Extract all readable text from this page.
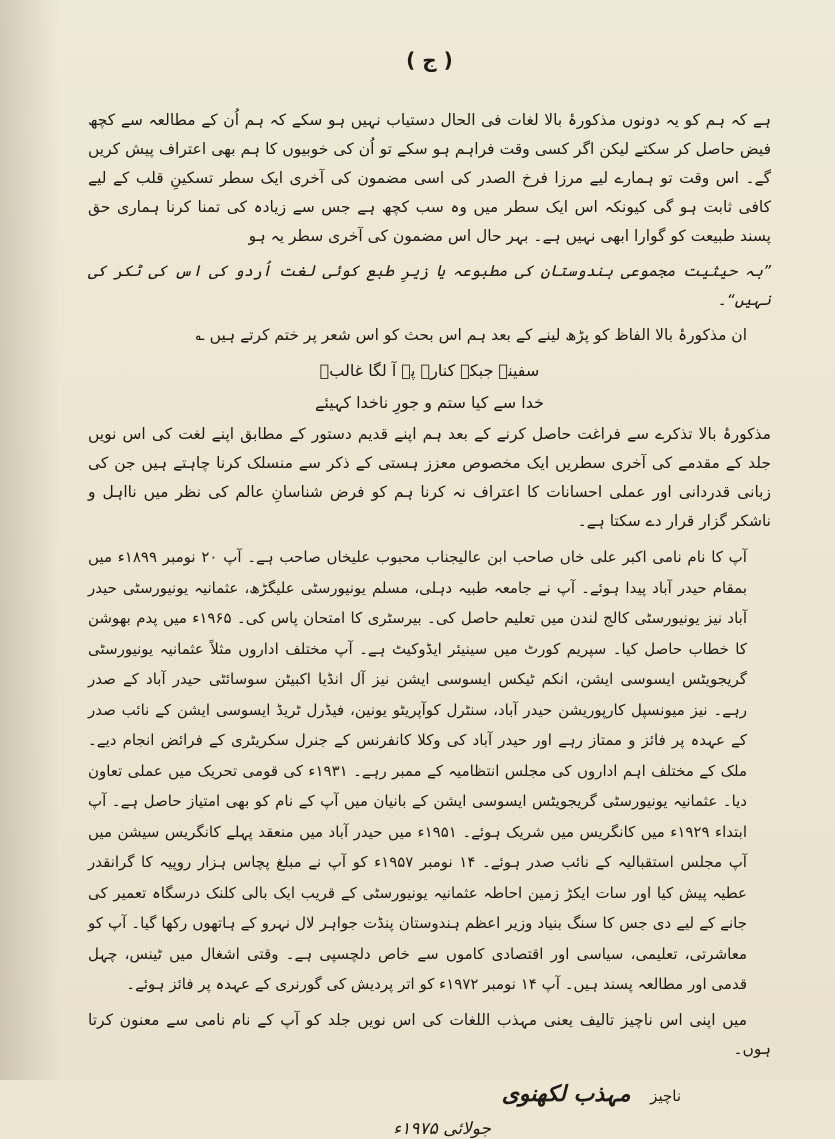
( ج )

ہے کہ ہم کو یہ دونوں مذکورۂ بالا لغات فی الحال دستیاب نہیں ہو سکے کہ ہم اُن کے مطالعہ سے کچھ فیض حاصل کر سکتے لیکن اگر کسی وقت فراہم ہو سکے تو اُن کی خوبیوں کا ہم بھی اعتراف پیش کریں گے۔ اس وقت تو ہمارے لیے مرزا فرخ الصدر کی اسی مضمون کی آخری ایک سطر تسکینِ قلب کے لیے کافی ثابت ہو گی کیونکہ اس ایک سطر میں وہ سب کچھ ہے جس سے زیادہ کی تمنا کرنا ہماری حق پسند طبیعت کو گوارا ابھی نہیں ہے۔ بہر حال اس مضمون کی آخری سطر یہ ہو

”بہ حیثیت مجموعی ہندوستان کی مطبوعہ یا زیرِ طبع کوئی لغت اُردو کی اس کی ٹکر کی نہیں“۔

ان مذکورۂ بالا الفاظ کو پڑھ لینے کے بعد ہم اس بحث کو اس شعر پر ختم کرتے ہیں ؎

سفینہ جبکہ کنارے پہ آ لگا غالبؔ
خدا سے کیا ستم و جورِ ناخدا کہیئے

مذکورۂ بالا تذکرے سے فراغت حاصل کرنے کے بعد ہم اپنے قدیم دستور کے مطابق اپنے لغت کی اس نویں جلد کے مقدمے کی آخری سطریں ایک مخصوص معزز ہستی کے ذکر سے منسلک کرنا چاہتے ہیں جن کی زبانی قدردانی اور عملی احسانات کا اعتراف نہ کرنا ہم کو فرض شناسانِ عالم کی نظر میں نااہل و ناشکر گزار قرار دے سکتا ہے۔

آپ کا نام نامی اکبر علی خاں صاحب ابن عالیجناب محبوب علیخاں صاحب ہے۔ آپ ۲۰ نومبر ۱۸۹۹ء میں بمقام حیدر آباد پیدا ہوئے۔ آپ نے جامعہ طبیہ دہلی، مسلم یونیورسٹی علیگڑھ، عثمانیہ یونیورسٹی حیدر آباد نیز یونیورسٹی کالج لندن میں تعلیم حاصل کی۔ بیرسٹری کا امتحان پاس کی۔ ۱۹۶۵ء میں پدم بھوشن کا خطاب حاصل کیا۔ سپریم کورٹ میں سینیئر ایڈوکیٹ ہے۔ آپ مختلف اداروں مثلاً عثمانیہ یونیورسٹی گریجویٹس ایسوسی ایشن، انکم ٹیکس ایسوسی ایشن نیز آل انڈیا اکبیٹن سوسائٹی حیدر آباد کے صدر رہے۔ نیز میونسپل کارپوریشن حیدر آباد، سنٹرل کوآپریٹو یونین، فیڈرل ٹریڈ ایسوسی ایشن کے نائب صدر کے عہدہ پر فائز و ممتاز رہے اور حیدر آباد کی وکلا کانفرنس کے جنرل سکریٹری کے فرائض انجام دیے۔ ملک کے مختلف اہم اداروں کی مجلس انتظامیہ کے ممبر رہے۔ ۱۹۳۱ء کی قومی تحریک میں عملی تعاون دیا۔ عثمانیہ یونیورسٹی گریجویٹس ایسوسی ایشن کے بانیان میں آپ کے نام کو بھی امتیاز حاصل ہے۔ آپ ابتداء ۱۹۲۹ء میں کانگریس میں شریک ہوئے۔ ۱۹۵۱ء میں حیدر آباد میں منعقد پہلے کانگریس سیشن میں آپ مجلس استقبالیہ کے نائب صدر ہوئے۔ ۱۴ نومبر ۱۹۵۷ء کو آپ نے مبلغ پچاس ہزار روپیہ کا گرانقدر عطیہ پیش کیا اور سات ایکڑ زمین احاطہ عثمانیہ یونیورسٹی کے قریب ایک بالی کلنک درسگاہ تعمیر کی جانے کے لیے دی جس کا سنگ بنیاد وزیر اعظم ہندوستان پنڈت جواہر لال نہرو کے ہاتھوں رکھا گیا۔ آپ کو معاشرتی، تعلیمی، سیاسی اور اقتصادی کاموں سے خاص دلچسپی ہے۔ وقتی اشغال میں ٹینس، چہل قدمی اور مطالعہ پسند ہیں۔ آپ ۱۴ نومبر ۱۹۷۲ء کو اتر پردیش کی گورنری کے عہدہ پر فائز ہوئے۔

میں اپنی اس ناچیز تالیف یعنی مہذب اللغات کی اس نویں جلد کو آپ کے نام نامی سے معنون کرتا ہوں۔

ناچیز مہذب لکھنوی
جولائی ۱۹۷۵ء
